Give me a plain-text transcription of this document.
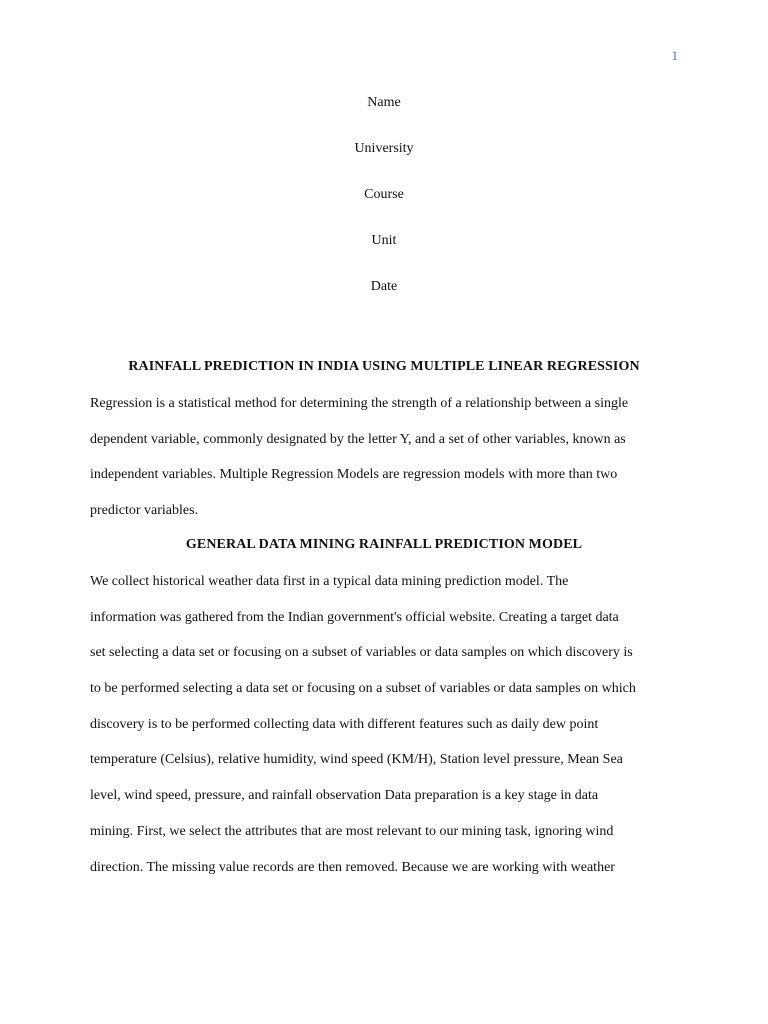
1
Name
University
Course
Unit
Date
RAINFALL PREDICTION IN INDIA USING MULTIPLE LINEAR REGRESSION
Regression is a statistical method for determining the strength of a relationship between a single
dependent variable, commonly designated by the letter Y, and a set of other variables, known as
independent variables. Multiple Regression Models are regression models with more than two
predictor variables.
GENERAL DATA MINING RAINFALL PREDICTION MODEL
We collect historical weather data first in a typical data mining prediction model. The
information was gathered from the Indian government's official website. Creating a target data
set selecting a data set or focusing on a subset of variables or data samples on which discovery is
to be performed selecting a data set or focusing on a subset of variables or data samples on which
discovery is to be performed collecting data with different features such as daily dew point
temperature (Celsius), relative humidity, wind speed (KM/H), Station level pressure, Mean Sea
level, wind speed, pressure, and rainfall observation Data preparation is a key stage in data
mining. First, we select the attributes that are most relevant to our mining task, ignoring wind
direction. The missing value records are then removed. Because we are working with weather
